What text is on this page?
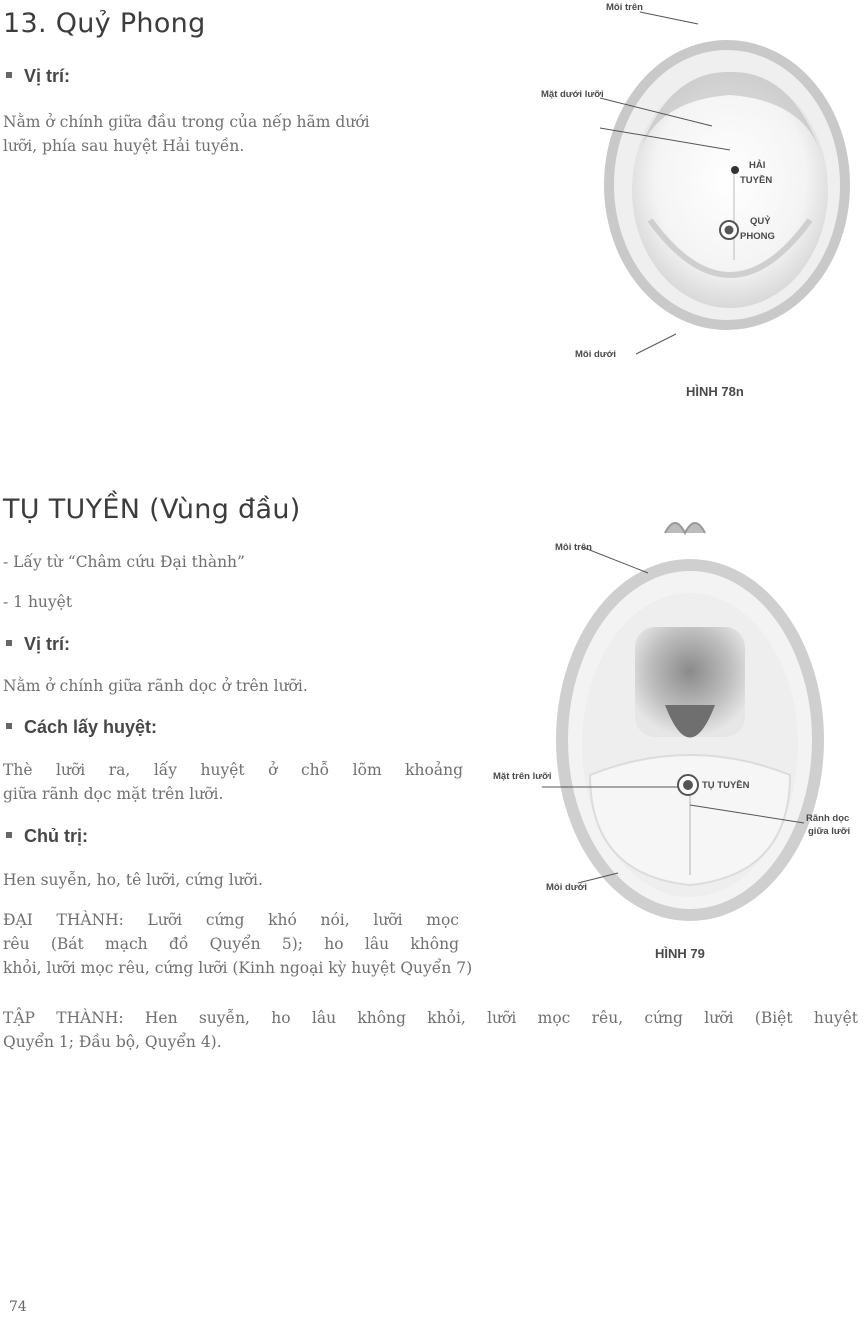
13. Quỷ Phong
Vị trí:
Nằm ở chính giữa đầu trong của nếp hãm dưới
lưỡi, phía sau huyệt Hải tuyền.
Môi trên
Mặt dưới lưỡi
HẢI
TUYỀN
QUỶ
PHONG
Môi dưới
HÌNH 78n
TỤ TUYỀN (Vùng đầu)
- Lấy từ “Châm cứu Đại thành”
- 1 huyệt
Vị trí:
Nằm ở chính giữa rãnh dọc ở trên lưỡi.
Cách lấy huyệt:
Thè lưỡi ra, lấy huyệt ở chỗ lõm khoảng
giữa rãnh dọc mặt trên lưỡi.
Chủ trị:
Hen suyễn, ho, tê lưỡi, cứng lưỡi.
ĐẠI THÀNH: Lưỡi cứng khó nói, lưỡi mọc
rêu (Bát mạch đồ Quyển 5); ho lâu không
khỏi, lưỡi mọc rêu, cứng lưỡi (Kinh ngoại kỳ huyệt Quyển 7)
TẬP THÀNH: Hen suyễn, ho lâu không khỏi, lưỡi mọc rêu, cứng lưỡi (Biệt huyệt
Quyển 1; Đầu bộ, Quyển 4).
Môi trên
Mặt trên lưỡi
TỤ TUYỀN
Rãnh dọc
giữa lưỡi
Môi dưới
HÌNH 79
74
